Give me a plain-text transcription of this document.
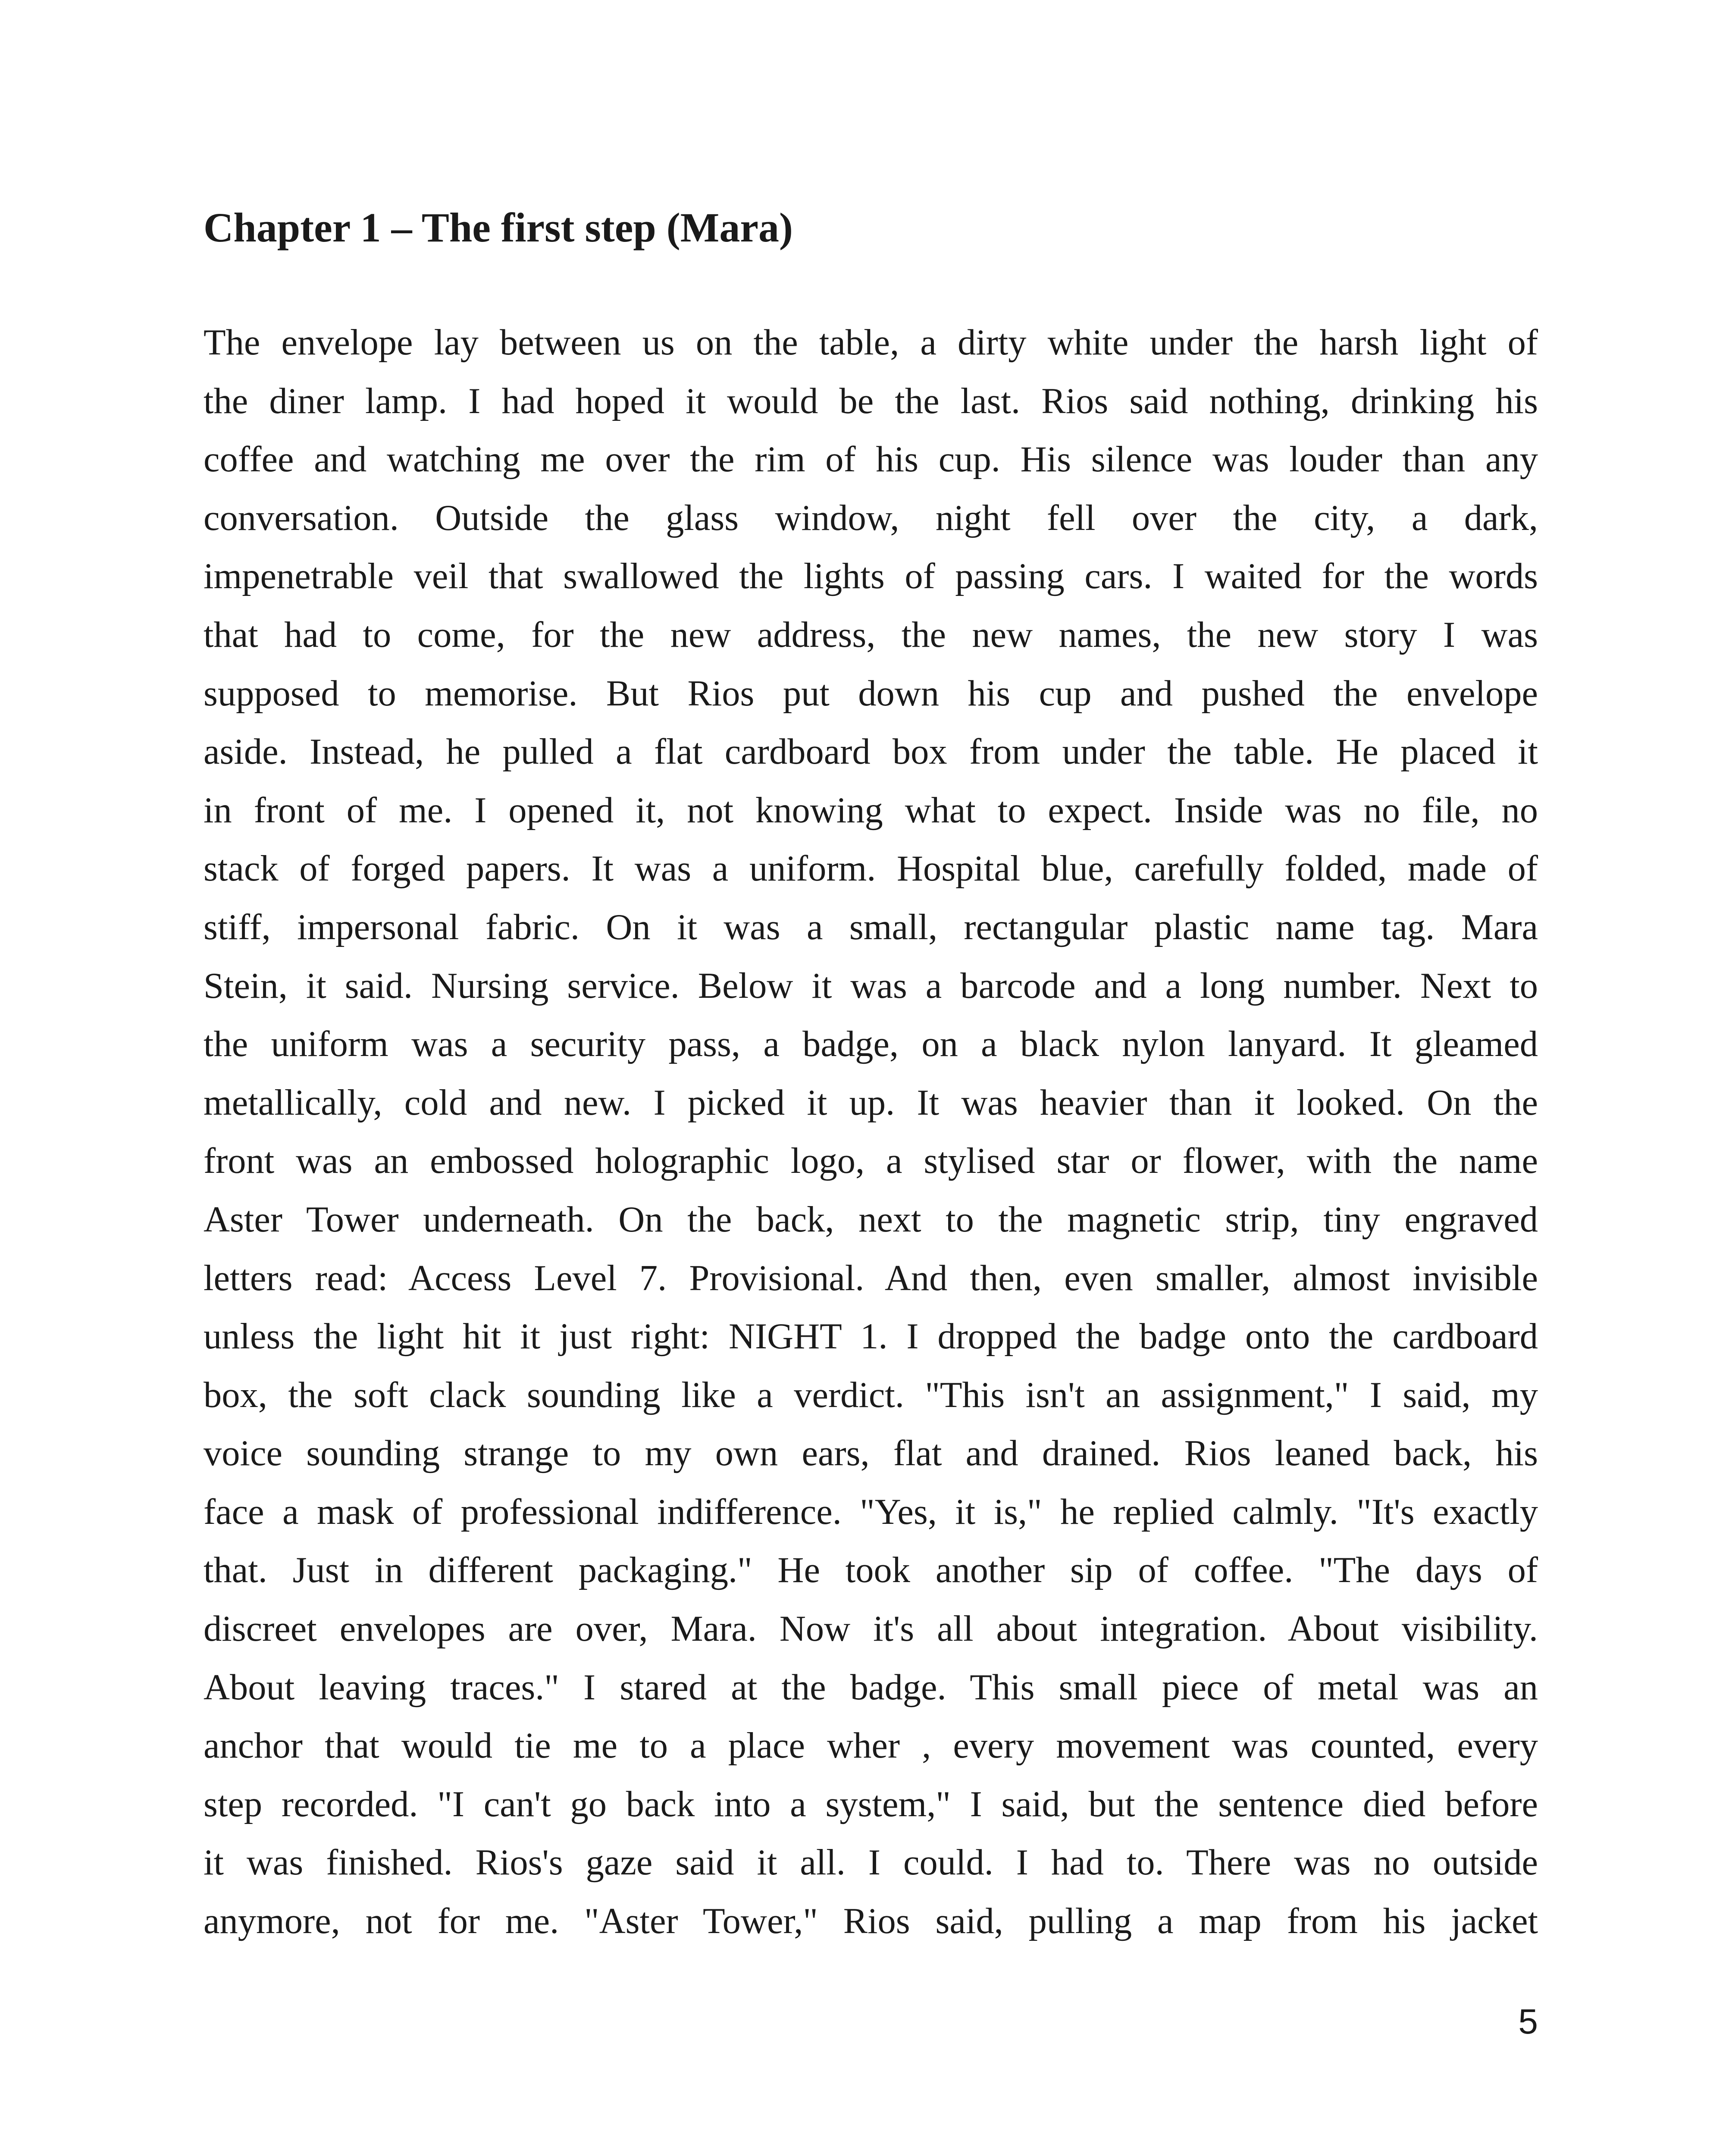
Chapter 1 – The first step (Mara)
The envelope lay between us on the table, a dirty white under the harsh light of
the diner lamp. I had hoped it would be the last. Rios said nothing, drinking his
coffee and watching me over the rim of his cup. His silence was louder than any
conversation. Outside the glass window, night fell over the city, a dark,
impenetrable veil that swallowed the lights of passing cars. I waited for the words
that had to come, for the new address, the new names, the new story I was
supposed to memorise. But Rios put down his cup and pushed the envelope
aside. Instead, he pulled a flat cardboard box from under the table. He placed it
in front of me. I opened it, not knowing what to expect. Inside was no file, no
stack of forged papers. It was a uniform. Hospital blue, carefully folded, made of
stiff, impersonal fabric. On it was a small, rectangular plastic name tag. Mara
Stein, it said. Nursing service. Below it was a barcode and a long number. Next to
the uniform was a security pass, a badge, on a black nylon lanyard. It gleamed
metallically, cold and new. I picked it up. It was heavier than it looked. On the
front was an embossed holographic logo, a stylised star or flower, with the name
Aster Tower underneath. On the back, next to the magnetic strip, tiny engraved
letters read: Access Level 7. Provisional. And then, even smaller, almost invisible
unless the light hit it just right: NIGHT 1. I dropped the badge onto the cardboard
box, the soft clack sounding like a verdict. "This isn't an assignment," I said, my
voice sounding strange to my own ears, flat and drained. Rios leaned back, his
face a mask of professional indifference. "Yes, it is," he replied calmly. "It's exactly
that. Just in different packaging." He took another sip of coffee. "The days of
discreet envelopes are over, Mara. Now it's all about integration. About visibility.
About leaving traces." I stared at the badge. This small piece of metal was an
anchor that would tie me to a place wher , every movement was counted, every
step recorded. "I can't go back into a system," I said, but the sentence died before
it was finished. Rios's gaze said it all. I could. I had to. There was no outside
anymore, not for me. "Aster Tower," Rios said, pulling a map from his jacket
5
